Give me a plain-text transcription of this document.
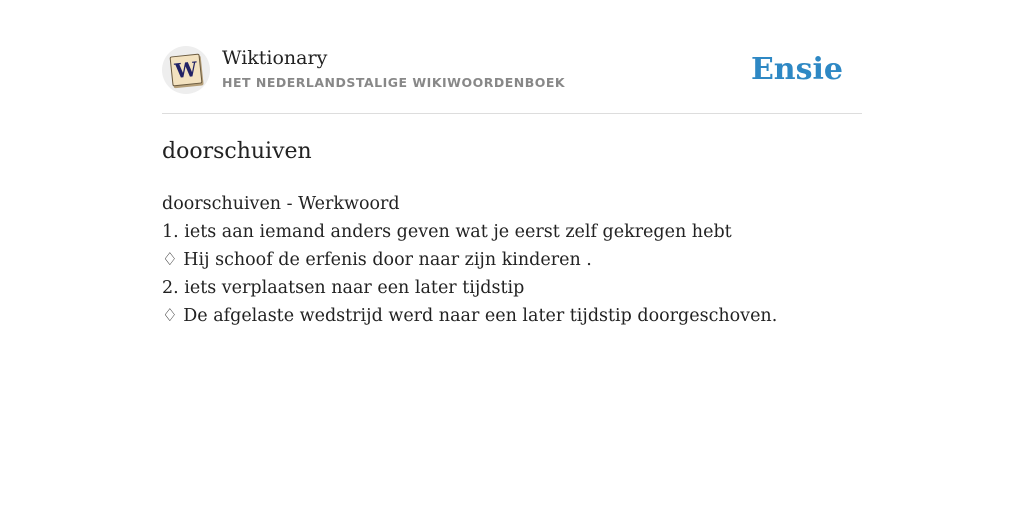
W Wiktionary
HET NEDERLANDSTALIGE WIKIWOORDENBOEK	Ensie
doorschuiven
doorschuiven - Werkwoord
1. iets aan iemand anders geven wat je eerst zelf gekregen hebt
♢ Hij schoof de erfenis door naar zijn kinderen .
2. iets verplaatsen naar een later tijdstip
♢ De afgelaste wedstrijd werd naar een later tijdstip doorgeschoven.
